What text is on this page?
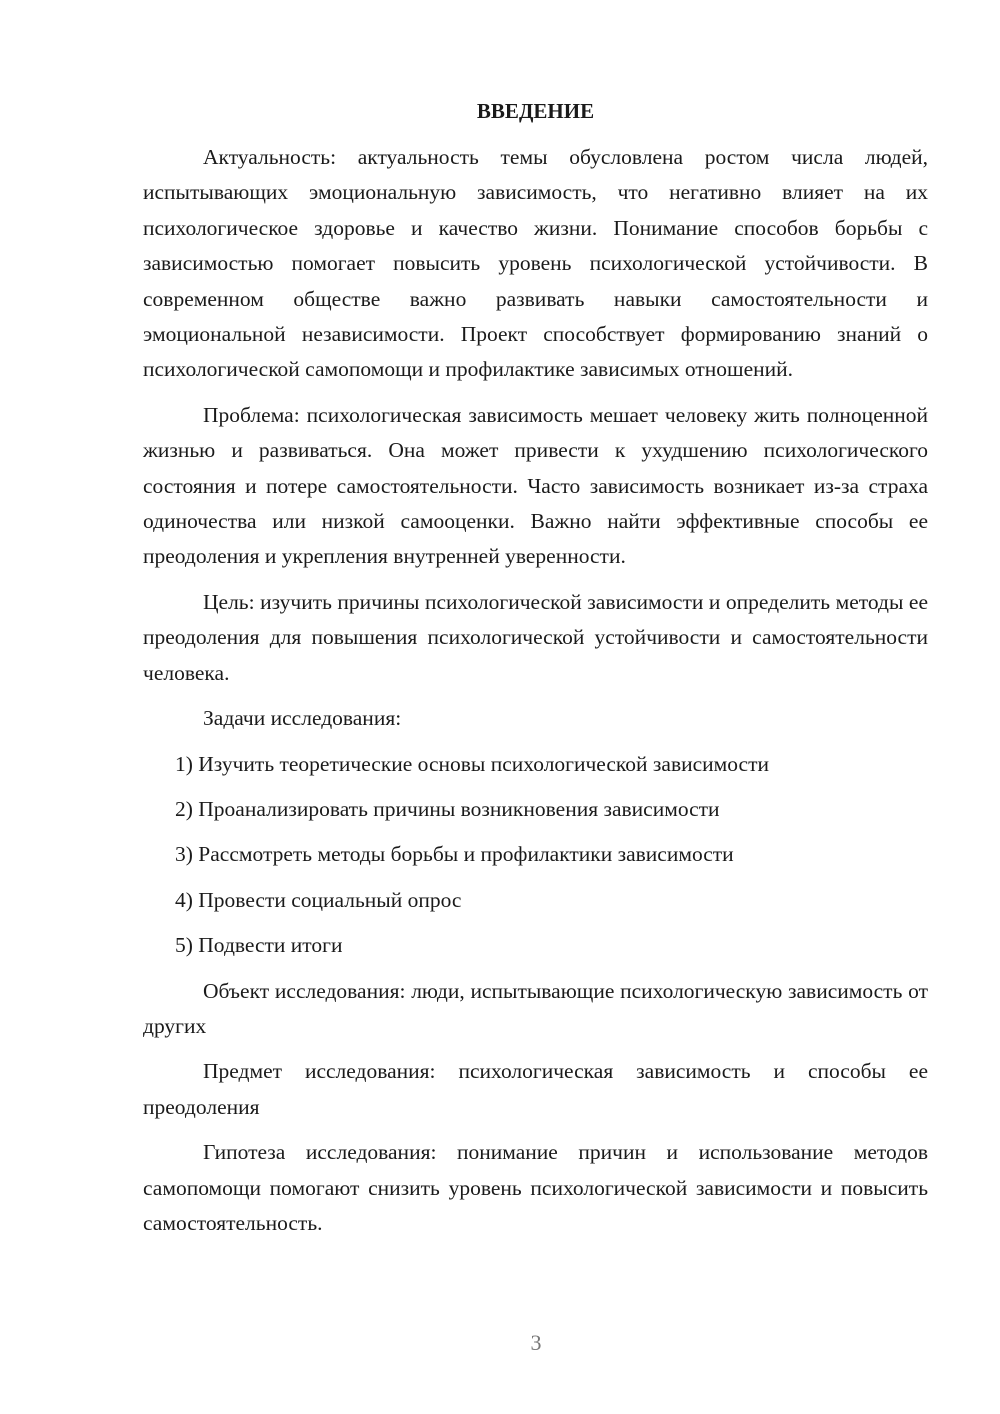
ВВЕДЕНИЕ

Актуальность: актуальность темы обусловлена ростом числа людей, испытывающих эмоциональную зависимость, что негативно влияет на их психологическое здоровье и качество жизни. Понимание способов борьбы с зависимостью помогает повысить уровень психологической устойчивости. В современном обществе важно развивать навыки самостоятельности и эмоциональной независимости. Проект способствует формированию знаний о психологической самопомощи и профилактике зависимых отношений.

Проблема: психологическая зависимость мешает человеку жить полноценной жизнью и развиваться. Она может привести к ухудшению психологического состояния и потере самостоятельности. Часто зависимость возникает из-за страха одиночества или низкой самооценки. Важно найти эффективные способы ее преодоления и укрепления внутренней уверенности.

Цель: изучить причины психологической зависимости и определить методы ее преодоления для повышения психологической устойчивости и самостоятельности человека.

Задачи исследования:

1) Изучить теоретические основы психологической зависимости
2) Проанализировать причины возникновения зависимости
3) Рассмотреть методы борьбы и профилактики зависимости
4) Провести социальный опрос
5) Подвести итоги

Объект исследования: люди, испытывающие психологическую зависимость от других

Предмет исследования: психологическая зависимость и способы ее преодоления

Гипотеза исследования: понимание причин и использование методов самопомощи помогают снизить уровень психологической зависимости и повысить самостоятельность.

3
